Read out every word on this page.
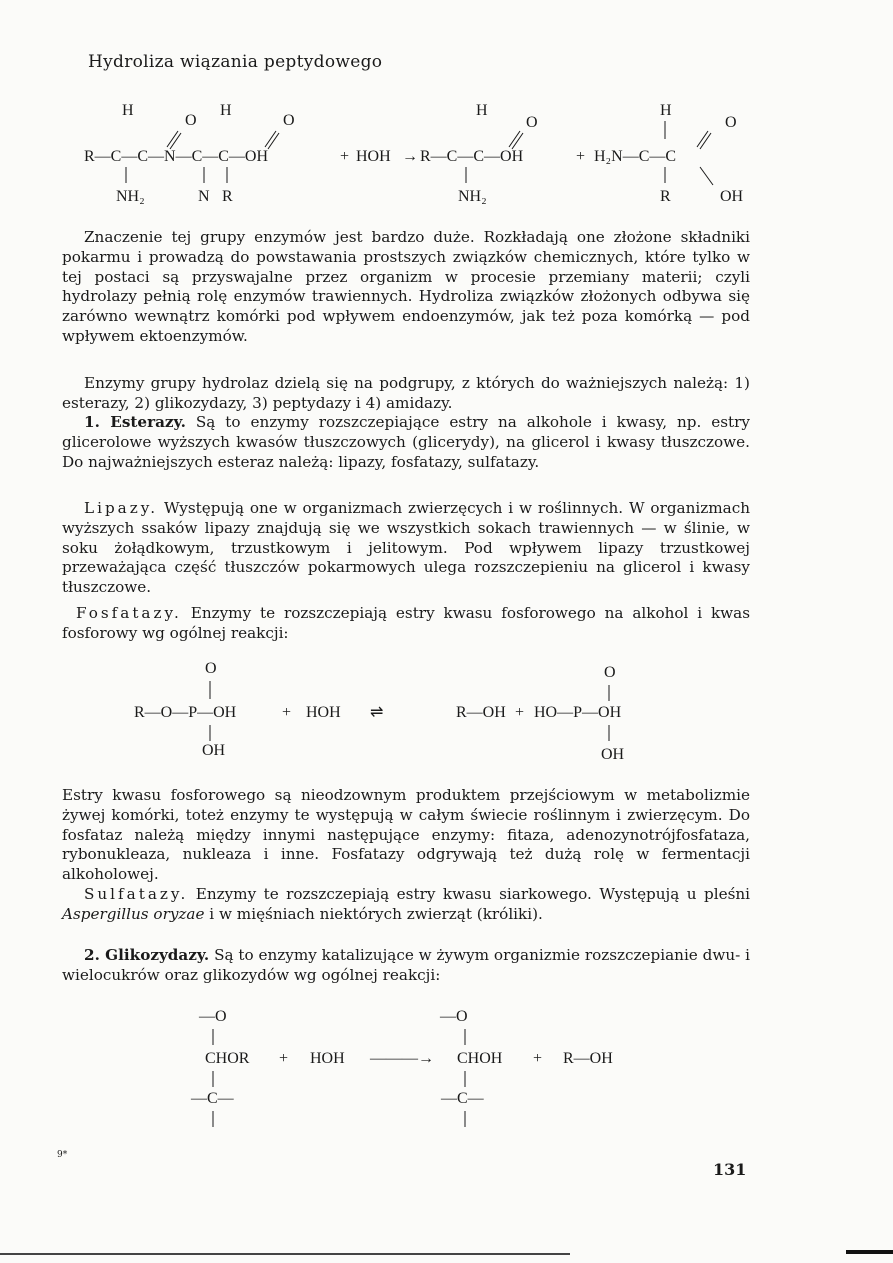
Hydroliza wiązania peptydowego
H
O
H
O
R—C—C—N—C—C—OH	+ HOH → R—C—C—OH
H
O
+ H₂N—C—C
H
O
NH₂	N R	NH₂	R	OH

Znaczenie tej grupy enzymów jest bardzo duże. Rozkładają one złożone składniki pokarmu i prowadzą do powstawania prostszych związków chemicznych, które tylko w tej postaci są przyswajalne przez organizm w procesie przemiany materii; czyli hydrolazy pełnią rolę enzymów trawiennych. Hydroliza związków złożonych odbywa się zarówno wewnątrz komórki pod wpływem endoenzymów, jak też poza komórką — pod wpływem ektoenzymów.

Enzymy grupy hydrolaz dzielą się na podgrupy, z których do ważniejszych należą: 1) esterazy, 2) glikozydazy, 3) peptydazy i 4) amidazy.

1. Esterazy. Są to enzymy rozszczepiające estry na alkohole i kwasy, np. estry glicerolowe wyższych kwasów tłuszczowych (glicerydy), na glicerol i kwasy tłuszczowe. Do najważniejszych esteraz należą: lipazy, fosfatazy, sulfatazy.

Lipazy. Występują one w organizmach zwierzęcych i w roślinnych. W organizmach wyższych ssaków lipazy znajdują się we wszystkich sokach trawiennych — w ślinie, w soku żołądkowym, trzustkowym i jelitowym. Pod wpływem lipazy trzustkowej przeważająca część tłuszczów pokarmowych ulega rozszczepieniu na glicerol i kwasy tłuszczowe.

Fosfatazy. Enzymy te rozszczepiają estry kwasu fosforowego na alkohol i kwas fosforowy wg ogólnej reakcji:

O
R—O—P—OH	+ HOH ⇌	R—OH + HO—P—OH
O
OH	OH

Estry kwasu fosforowego są nieodzownym produktem przejściowym w metabolizmie żywej komórki, toteż enzymy te występują w całym świecie roślinnym i zwierzęcym. Do fosfataz należą między innymi następujące enzymy: fitaza, adenozynotrójfosfataza, rybonukleaza, nukleaza i inne. Fosfatazy odgrywają też dużą rolę w fermentacji alkoholowej.

Sulfatazy. Enzymy te rozszczepiają estry kwasu siarkowego. Występują u pleśni Aspergillus oryzae i w mięśniach niektórych zwierząt (króliki).

2. Glikozydazy. Są to enzymy katalizujące w żywym organizmie rozszczepianie dwu- i wielocukrów oraz glikozydów wg ogólnej reakcji:

—O
CHOR + HOH ———→ CHOH + R—OH
—C—
—O
—C—
9*
131
